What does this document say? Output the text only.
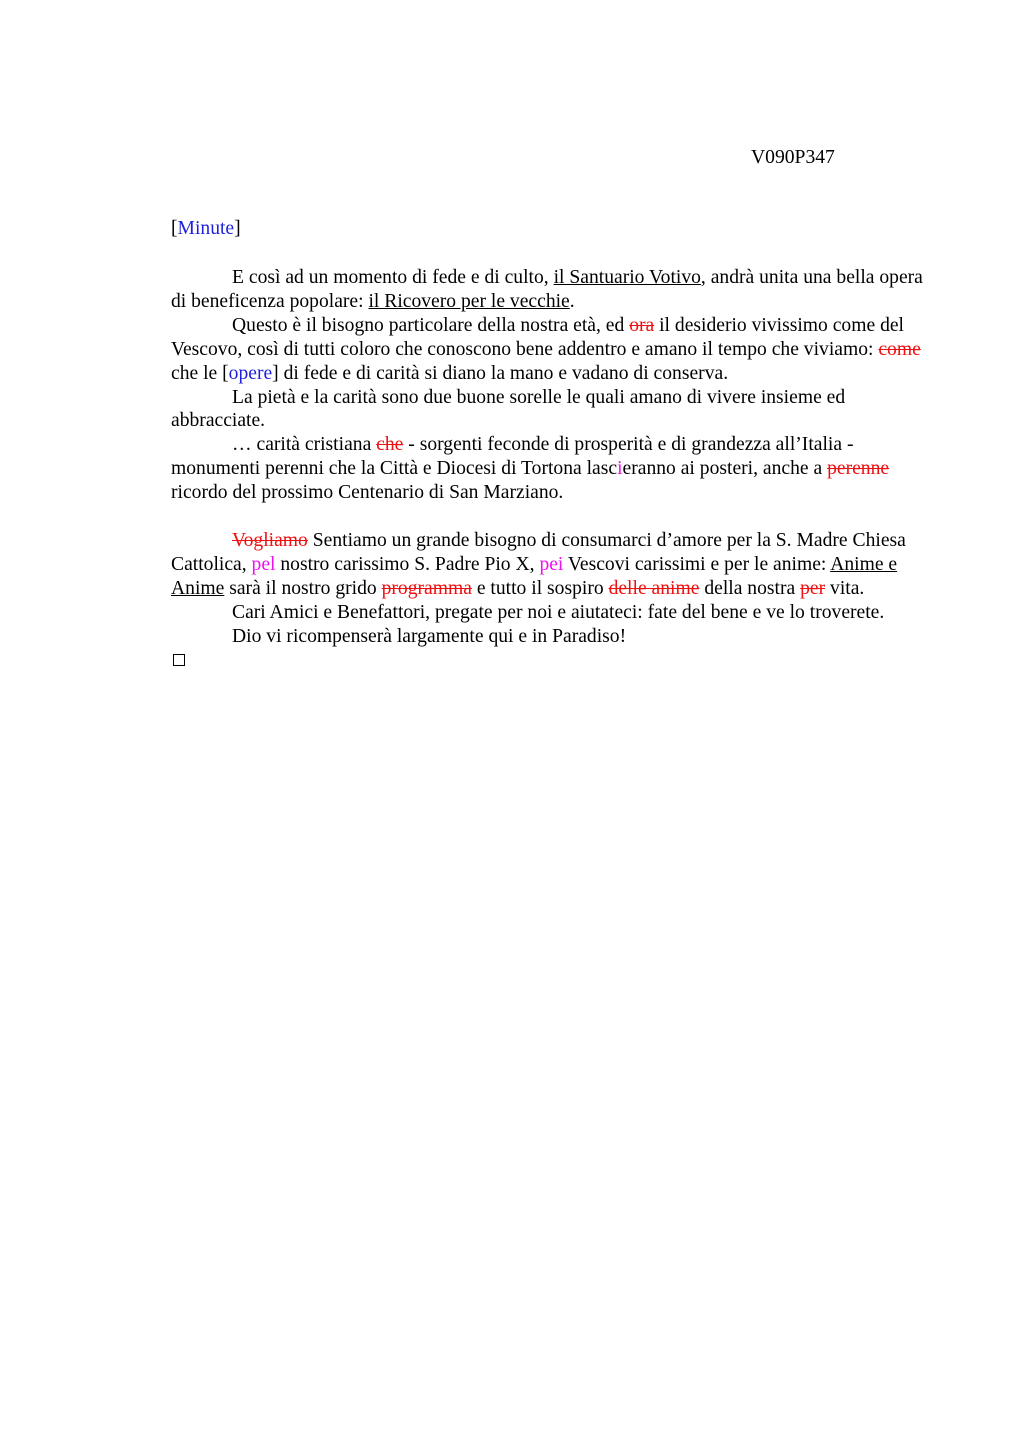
V090P347
[Minute]

E così ad un momento di fede e di culto, il Santuario Votivo, andrà unita una bella opera di beneficenza popolare: il Ricovero per le vecchie.

Questo è il bisogno particolare della nostra età, ed ora il desiderio vivissimo come del Vescovo, così di tutti coloro che conoscono bene addentro e amano il tempo che viviamo: come che le [opere] di fede e di carità si diano la mano e vadano di conserva.

La pietà e la carità sono due buone sorelle le quali amano di vivere insieme ed abbracciate.

… carità cristiana che - sorgenti feconde di prosperità e di grandezza all’Italia - monumenti perenni che la Città e Diocesi di Tortona lascieranno ai posteri, anche a perenne ricordo del prossimo Centenario di San Marziano.

Vogliamo Sentiamo un grande bisogno di consumarci d’amore per la S. Madre Chiesa Cattolica, pel nostro carissimo S. Padre Pio X, pei Vescovi carissimi e per le anime: Anime e Anime sarà il nostro grido programma e tutto il sospiro delle anime della nostra per vita.

Cari Amici e Benefattori, pregate per noi e aiutateci: fate del bene e ve lo troverete.

Dio vi ricompenserà largamente qui e in Paradiso!
